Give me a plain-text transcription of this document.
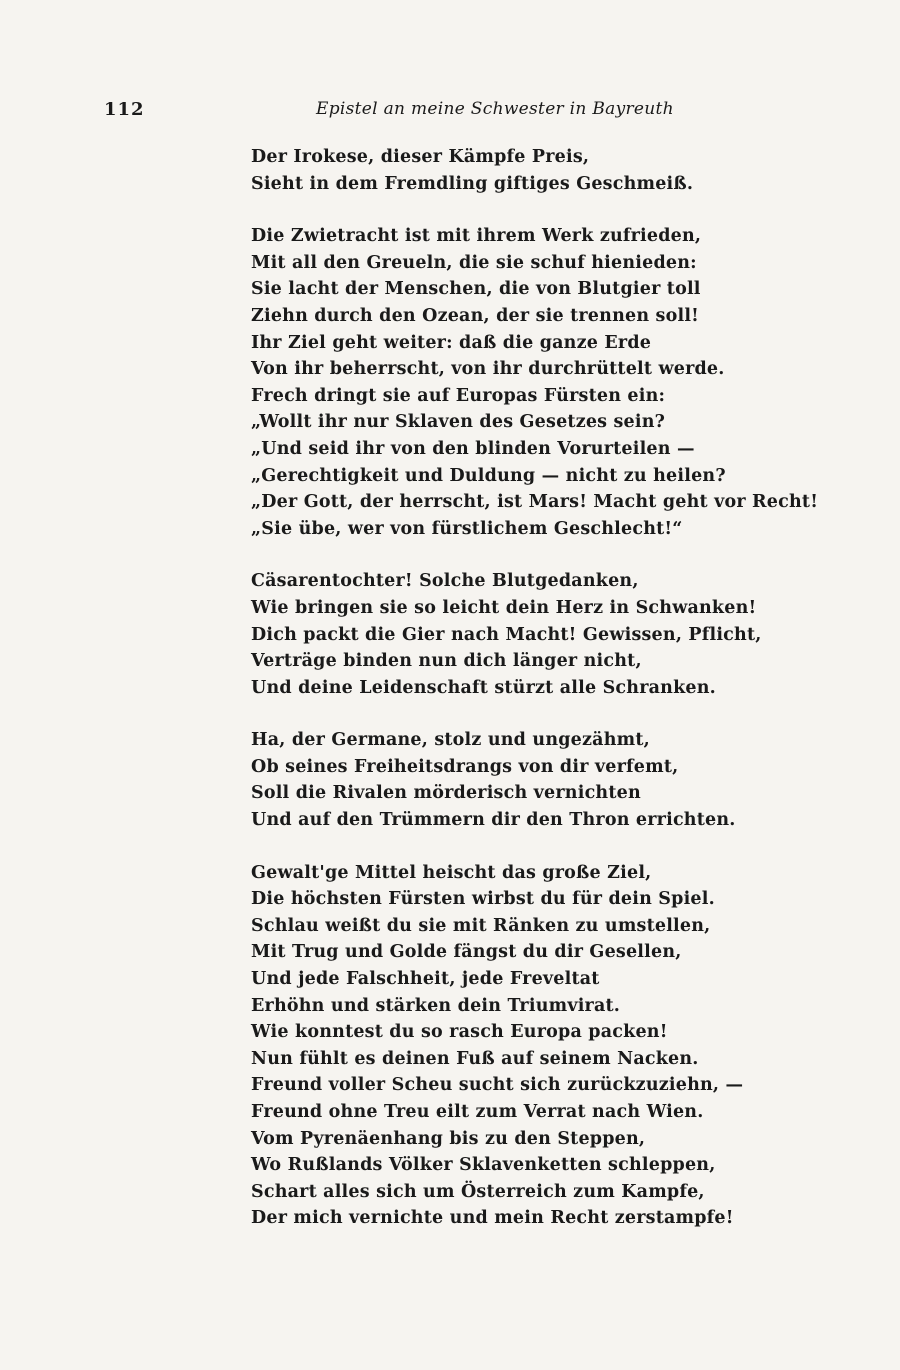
112	Epistel an meine Schwester in Bayreuth
Der Irokese, dieser Kämpfe Preis,
Sieht in dem Fremdling giftiges Geschmeiß.
Die Zwietracht ist mit ihrem Werk zufrieden,
Mit all den Greueln, die sie schuf hienieden:
Sie lacht der Menschen, die von Blutgier toll
Ziehn durch den Ozean, der sie trennen soll!
Ihr Ziel geht weiter: daß die ganze Erde
Von ihr beherrscht, von ihr durchrüttelt werde.
Frech dringt sie auf Europas Fürsten ein:
„Wollt ihr nur Sklaven des Gesetzes sein?
„Und seid ihr von den blinden Vorurteilen —
„Gerechtigkeit und Duldung — nicht zu heilen?
„Der Gott, der herrscht, ist Mars! Macht geht vor Recht!
„Sie übe, wer von fürstlichem Geschlecht!“
Cäsarentochter! Solche Blutgedanken,
Wie bringen sie so leicht dein Herz in Schwanken!
Dich packt die Gier nach Macht! Gewissen, Pflicht,
Verträge binden nun dich länger nicht,
Und deine Leidenschaft stürzt alle Schranken.
Ha, der Germane, stolz und ungezähmt,
Ob seines Freiheitsdrangs von dir verfemt,
Soll die Rivalen mörderisch vernichten
Und auf den Trümmern dir den Thron errichten.
Gewalt'ge Mittel heischt das große Ziel,
Die höchsten Fürsten wirbst du für dein Spiel.
Schlau weißt du sie mit Ränken zu umstellen,
Mit Trug und Golde fängst du dir Gesellen,
Und jede Falschheit, jede Freveltat
Erhöhn und stärken dein Triumvirat.
Wie konntest du so rasch Europa packen!
Nun fühlt es deinen Fuß auf seinem Nacken.
Freund voller Scheu sucht sich zurückzuziehn, —
Freund ohne Treu eilt zum Verrat nach Wien.
Vom Pyrenäenhang bis zu den Steppen,
Wo Rußlands Völker Sklavenketten schleppen,
Schart alles sich um Österreich zum Kampfe,
Der mich vernichte und mein Recht zerstampfe!
